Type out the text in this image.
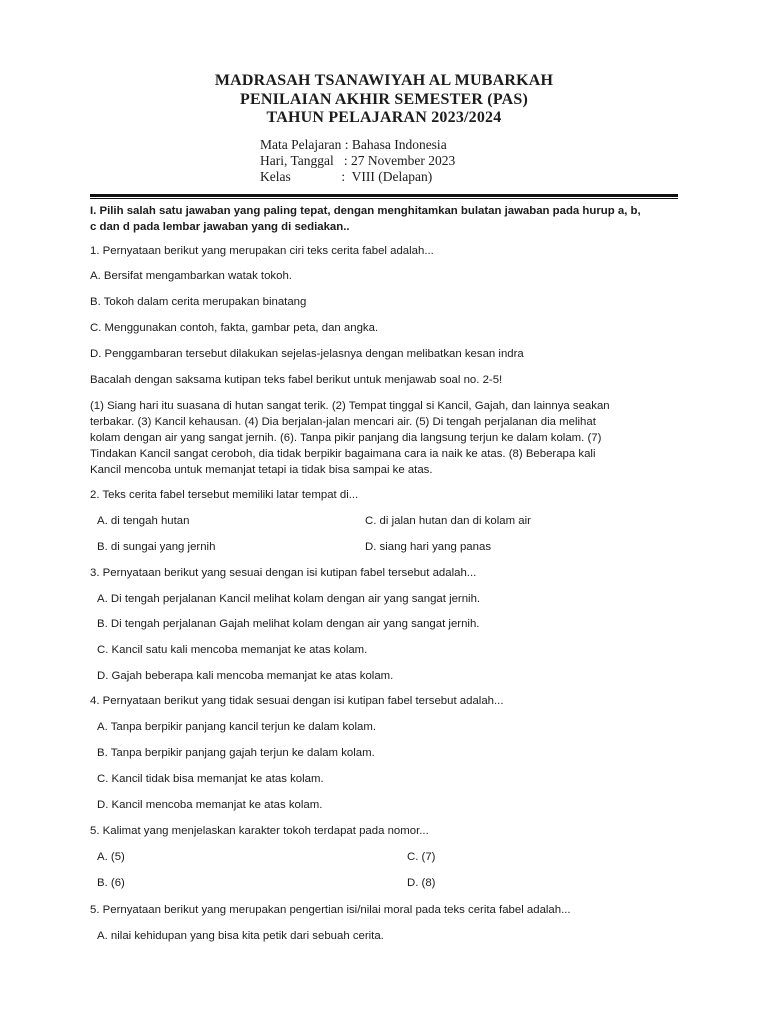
MADRASAH TSANAWIYAH AL MUBARKAH
PENILAIAN AKHIR SEMESTER (PAS)
TAHUN PELAJARAN 2023/2024
Mata Pelajaran : Bahasa Indonesia
Hari, Tanggal   : 27 November 2023
Kelas               :  VIII (Delapan)
I. Pilih salah satu jawaban yang paling tepat, dengan menghitamkan bulatan jawaban pada hurup a, b,
c dan d pada lembar jawaban yang di sediakan..
1. Pernyataan berikut yang merupakan ciri teks cerita fabel adalah...
A. Bersifat mengambarkan watak tokoh.
B. Tokoh dalam cerita merupakan binatang
C. Menggunakan contoh, fakta, gambar peta, dan angka.
D. Penggambaran tersebut dilakukan sejelas-jelasnya dengan melibatkan kesan indra
Bacalah dengan saksama kutipan teks fabel berikut untuk menjawab soal no. 2-5!
(1) Siang hari itu suasana di hutan sangat terik. (2) Tempat tinggal si Kancil, Gajah, dan lainnya seakan
terbakar. (3) Kancil kehausan. (4) Dia berjalan-jalan mencari air. (5) Di tengah perjalanan dia melihat
kolam dengan air yang sangat jernih. (6). Tanpa pikir panjang dia langsung terjun ke dalam kolam. (7)
Tindakan Kancil sangat ceroboh, dia tidak berpikir bagaimana cara ia naik ke atas. (8) Beberapa kali
Kancil mencoba untuk memanjat tetapi ia tidak bisa sampai ke atas.
2. Teks cerita fabel tersebut memiliki latar tempat di...
A. di tengah hutan	C. di jalan hutan dan di kolam air
B. di sungai yang jernih	D. siang hari yang panas
3. Pernyataan berikut yang sesuai dengan isi kutipan fabel tersebut adalah...
A. Di tengah perjalanan Kancil melihat kolam dengan air yang sangat jernih.
B. Di tengah perjalanan Gajah melihat kolam dengan air yang sangat jernih.
C. Kancil satu kali mencoba memanjat ke atas kolam.
D. Gajah beberapa kali mencoba memanjat ke atas kolam.
4. Pernyataan berikut yang tidak sesuai dengan isi kutipan fabel tersebut adalah...
A. Tanpa berpikir panjang kancil terjun ke dalam kolam.
B. Tanpa berpikir panjang gajah terjun ke dalam kolam.
C. Kancil tidak bisa memanjat ke atas kolam.
D. Kancil mencoba memanjat ke atas kolam.
5. Kalimat yang menjelaskan karakter tokoh terdapat pada nomor...
A. (5)	C. (7)
B. (6)	D. (8)
5. Pernyataan berikut yang merupakan pengertian isi/nilai moral pada teks cerita fabel adalah...
A. nilai kehidupan yang bisa kita petik dari sebuah cerita.
